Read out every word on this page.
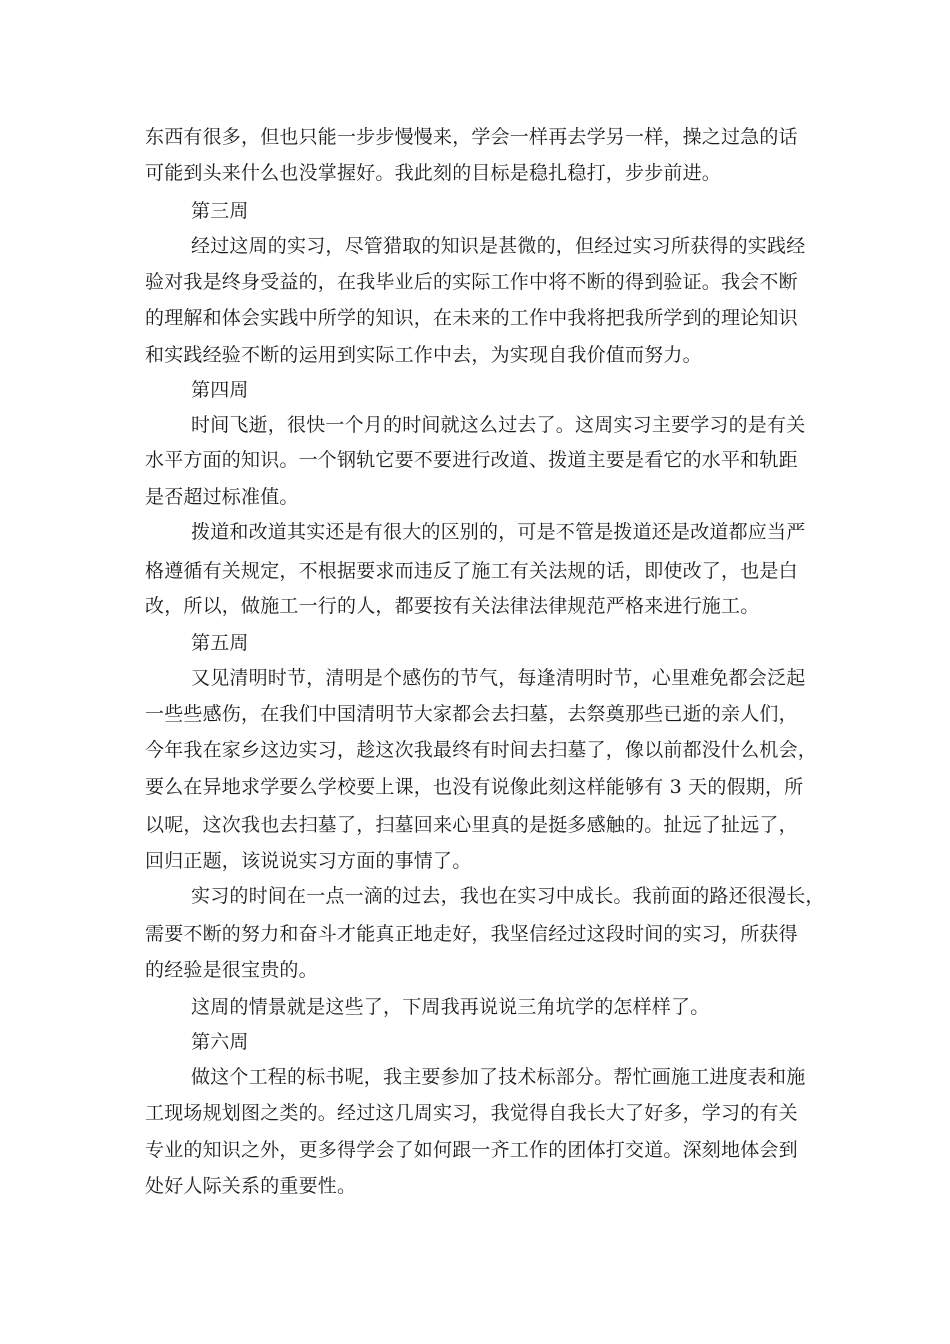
东西有很多，但也只能一步步慢慢来，学会一样再去学另一样，操之过急的话
可能到头来什么也没掌握好。我此刻的目标是稳扎稳打，步步前进。
第三周
经过这周的实习，尽管猎取的知识是甚微的，但经过实习所获得的实践经
验对我是终身受益的，在我毕业后的实际工作中将不断的得到验证。我会不断
的理解和体会实践中所学的知识，在未来的工作中我将把我所学到的理论知识
和实践经验不断的运用到实际工作中去，为实现自我价值而努力。
第四周
时间飞逝，很快一个月的时间就这么过去了。这周实习主要学习的是有关
水平方面的知识。一个钢轨它要不要进行改道、拨道主要是看它的水平和轨距
是否超过标准值。
拨道和改道其实还是有很大的区别的，可是不管是拨道还是改道都应当严
格遵循有关规定，不根据要求而违反了施工有关法规的话，即使改了，也是白
改，所以，做施工一行的人，都要按有关法律法律规范严格来进行施工。
第五周
又见清明时节，清明是个感伤的节气，每逢清明时节，心里难免都会泛起
一些些感伤，在我们中国清明节大家都会去扫墓，去祭奠那些已逝的亲人们，
今年我在家乡这边实习，趁这次我最终有时间去扫墓了，像以前都没什么机会，
要么在异地求学要么学校要上课，也没有说像此刻这样能够有 3 天的假期，所
以呢，这次我也去扫墓了，扫墓回来心里真的是挺多感触的。扯远了扯远了，
回归正题，该说说实习方面的事情了。
实习的时间在一点一滴的过去，我也在实习中成长。我前面的路还很漫长，
需要不断的努力和奋斗才能真正地走好，我坚信经过这段时间的实习，所获得
的经验是很宝贵的。
这周的情景就是这些了，下周我再说说三角坑学的怎样样了。
第六周
做这个工程的标书呢，我主要参加了技术标部分。帮忙画施工进度表和施
工现场规划图之类的。经过这几周实习，我觉得自我长大了好多，学习的有关
专业的知识之外，更多得学会了如何跟一齐工作的团体打交道。深刻地体会到
处好人际关系的重要性。
